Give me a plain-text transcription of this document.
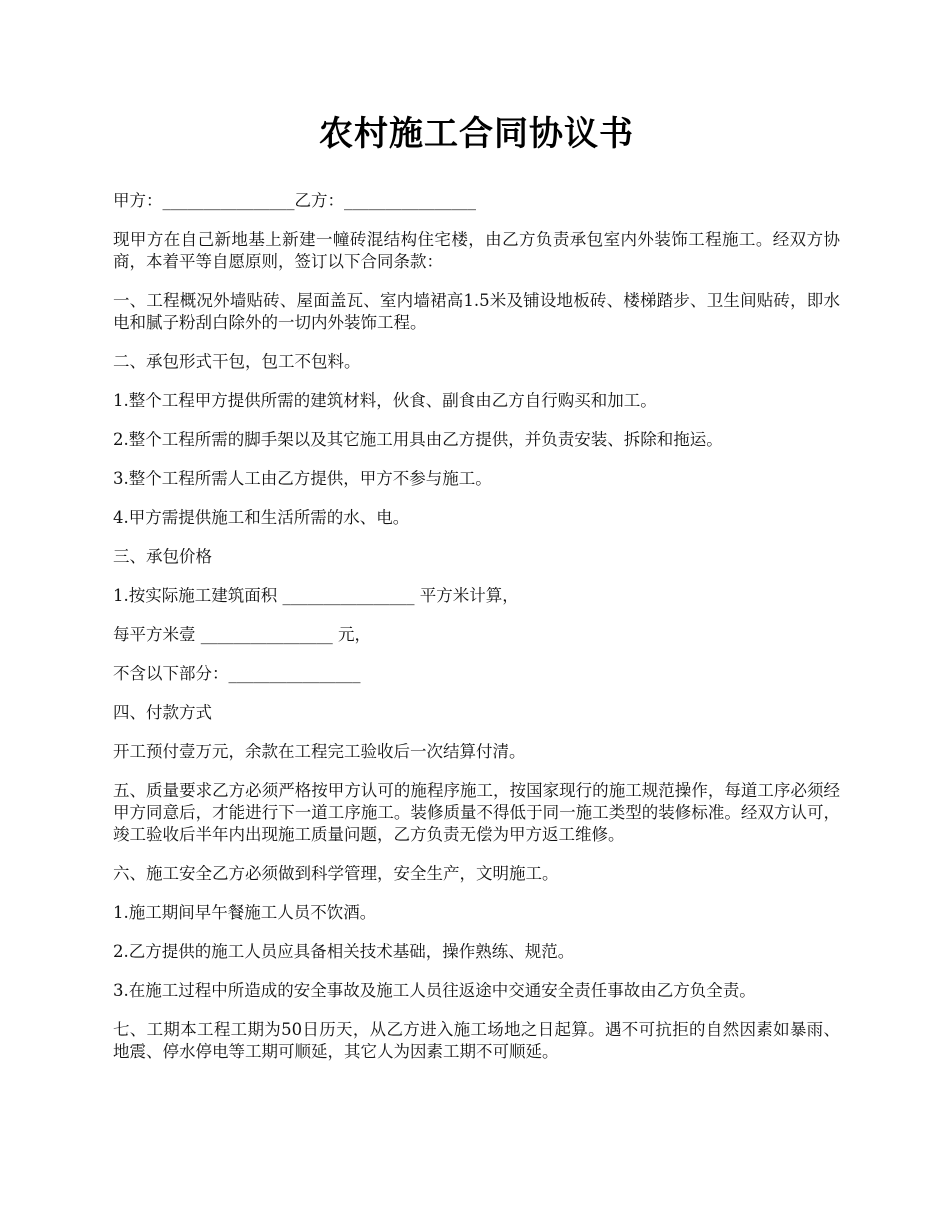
农村施工合同协议书

甲方：________________乙方：________________

现甲方在自己新地基上新建一幢砖混结构住宅楼，由乙方负责承包室内外装饰工程施工。经双方协商，本着平等自愿原则，签订以下合同条款：

一、工程概况外墙贴砖、屋面盖瓦、室内墙裙高1.5米及铺设地板砖、楼梯踏步、卫生间贴砖，即水电和腻子粉刮白除外的一切内外装饰工程。

二、承包形式干包，包工不包料。

1.整个工程甲方提供所需的建筑材料，伙食、副食由乙方自行购买和加工。

2.整个工程所需的脚手架以及其它施工用具由乙方提供，并负责安装、拆除和拖运。

3.整个工程所需人工由乙方提供，甲方不参与施工。

4.甲方需提供施工和生活所需的水、电。

三、承包价格

1.按实际施工建筑面积 ________________ 平方米计算，

每平方米壹 ________________ 元，

不含以下部分：________________

四、付款方式

开工预付壹万元，余款在工程完工验收后一次结算付清。

五、质量要求乙方必须严格按甲方认可的施程序施工，按国家现行的施工规范操作，每道工序必须经甲方同意后，才能进行下一道工序施工。装修质量不得低于同一施工类型的装修标准。经双方认可，竣工验收后半年内出现施工质量问题，乙方负责无偿为甲方返工维修。

六、施工安全乙方必须做到科学管理，安全生产，文明施工。

1.施工期间早午餐施工人员不饮酒。

2.乙方提供的施工人员应具备相关技术基础，操作熟练、规范。

3.在施工过程中所造成的安全事故及施工人员往返途中交通安全责任事故由乙方负全责。

七、工期本工程工期为50日历天，从乙方进入施工场地之日起算。遇不可抗拒的自然因素如暴雨、地震、停水停电等工期可顺延，其它人为因素工期不可顺延。
